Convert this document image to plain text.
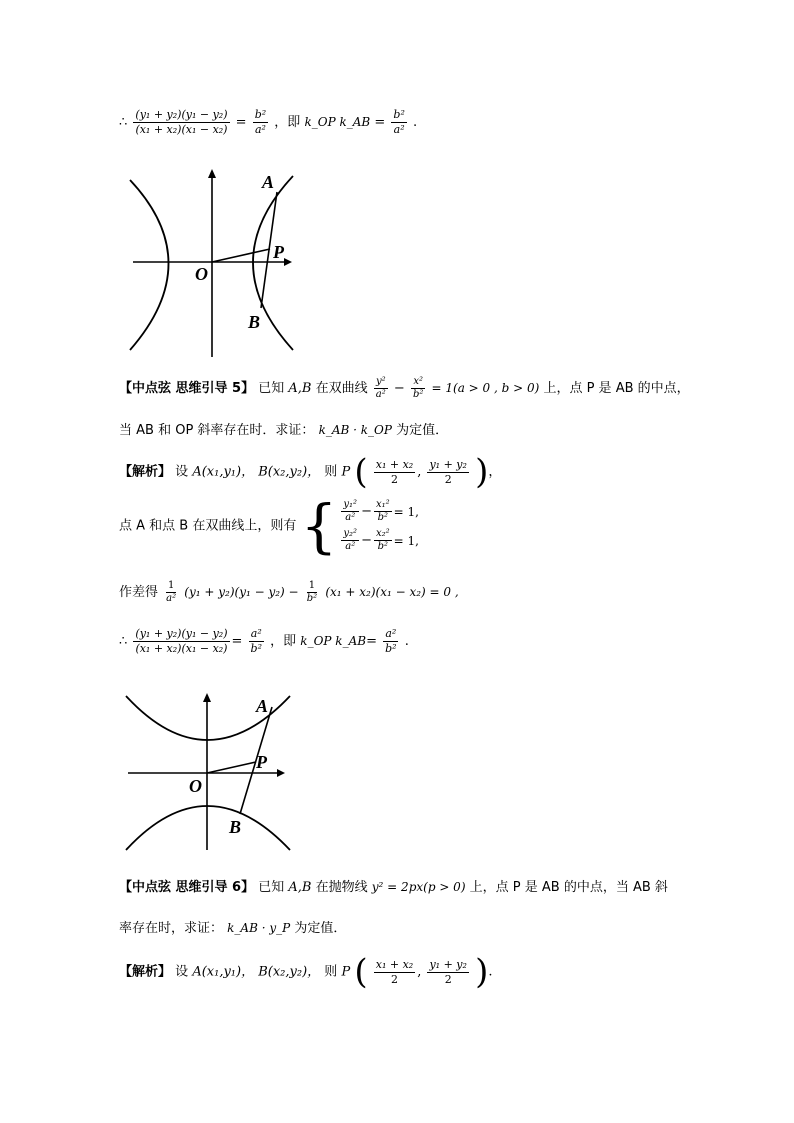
∴ $\frac{\text{(y₁ + y₂)(y₁ − y₂)}}{\text{(x₁ + x₂)(x₁ − x₂)}} = \frac{\text{b²}}{\text{a²}}$ ，即 k_OP k_AB = $\frac{\text{b²}}{\text{a²}}$ .
A
P
O
B
【中点弦 思维引导 5】 已知 A,B 在双曲线 $\frac{\text{y²}}{\text{a²}} - \frac{\text{x²}}{\text{b²}} = 1(a > 0$ , b > 0) 上，点 P 是 AB 的中点，
当 AB 和 OP 斜率存在时．求证： k_AB · k_OP 为定值．
【解析】 设 A(x₁,y₁)， B(x₂,y₂)， 则 P ( $\frac{\text{x₁ + x₂}}{2}$ , $\frac{\text{y₁ + y₂}}{2}$ )，
点 A 和点 B 在双曲线上，则有 { $\frac{\text{y₁²}}{\text{a²}} - \frac{\text{x₁²}}{\text{b²}} = 1$,
$\frac{\text{y₂²}}{\text{a²}} - \frac{\text{x₂²}}{\text{b²}} = 1$,
作差得 $\frac{1}{\text{a²}} (y_1 + y_2)(y_1 - y_2) - \frac{1}{\text{b²}} (x_1 + x_2)(x_1 - x_2) = 0$ ,
∴ $\frac{\text{(y₁ + y₂)(y₁ − y₂)}}{\text{(x₁ + x₂)(x₁ − x₂)}} = \frac{\text{a²}}{\text{b²}}$ ，即 k_OP k_AB= $\frac{\text{a²}}{\text{b²}}$ .
A
P
O
B
【中点弦 思维引导 6】 已知 A,B 在抛物线 y² = 2px(p > 0) 上，点 P 是 AB 的中点，当 AB 斜
率存在时，求证： k_AB · y_P 为定值．
【解析】 设 A(x₁,y₁)， B(x₂,y₂)， 则 P ( $\frac{\text{x₁ + x₂}}{2}$ , $\frac{\text{y₁ + y₂}}{2}$ ).
